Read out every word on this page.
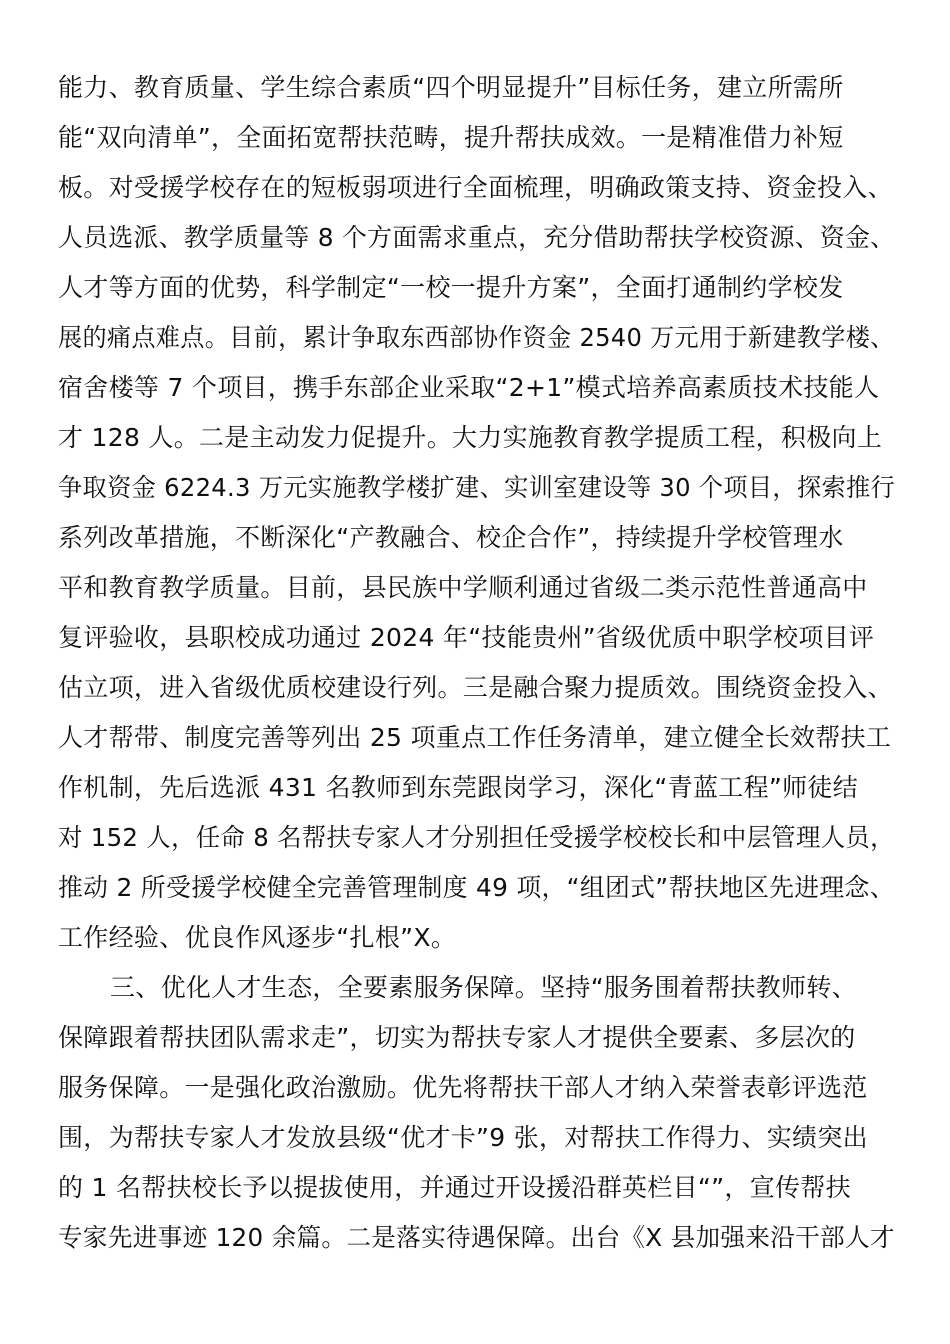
能力、教育质量、学生综合素质“四个明显提升”目标任务，建立所需所
能“双向清单”，全面拓宽帮扶范畴，提升帮扶成效。一是精准借力补短
板。对受援学校存在的短板弱项进行全面梳理，明确政策支持、资金投入、
人员选派、教学质量等 8 个方面需求重点，充分借助帮扶学校资源、资金、
人才等方面的优势，科学制定“一校一提升方案”，全面打通制约学校发
展的痛点难点。目前，累计争取东西部协作资金 2540 万元用于新建教学楼、
宿舍楼等 7 个项目，携手东部企业采取“2+1”模式培养高素质技术技能人
才 128 人。二是主动发力促提升。大力实施教育教学提质工程，积极向上
争取资金 6224.3 万元实施教学楼扩建、实训室建设等 30 个项目，探索推行
系列改革措施，不断深化“产教融合、校企合作”，持续提升学校管理水
平和教育教学质量。目前，县民族中学顺利通过省级二类示范性普通高中
复评验收，县职校成功通过 2024 年“技能贵州”省级优质中职学校项目评
估立项，进入省级优质校建设行列。三是融合聚力提质效。围绕资金投入、
人才帮带、制度完善等列出 25 项重点工作任务清单，建立健全长效帮扶工
作机制，先后选派 431 名教师到东莞跟岗学习，深化“青蓝工程”师徒结
对 152 人，任命 8 名帮扶专家人才分别担任受援学校校长和中层管理人员，
推动 2 所受援学校健全完善管理制度 49 项，“组团式”帮扶地区先进理念、
工作经验、优良作风逐步“扎根”X。
三、优化人才生态，全要素服务保障。坚持“服务围着帮扶教师转、
保障跟着帮扶团队需求走”，切实为帮扶专家人才提供全要素、多层次的
服务保障。一是强化政治激励。优先将帮扶干部人才纳入荣誉表彰评选范
围，为帮扶专家人才发放县级“优才卡”9 张，对帮扶工作得力、实绩突出
的 1 名帮扶校长予以提拔使用，并通过开设援沿群英栏目“”，宣传帮扶
专家先进事迹 120 余篇。二是落实待遇保障。出台《X 县加强来沿干部人才
